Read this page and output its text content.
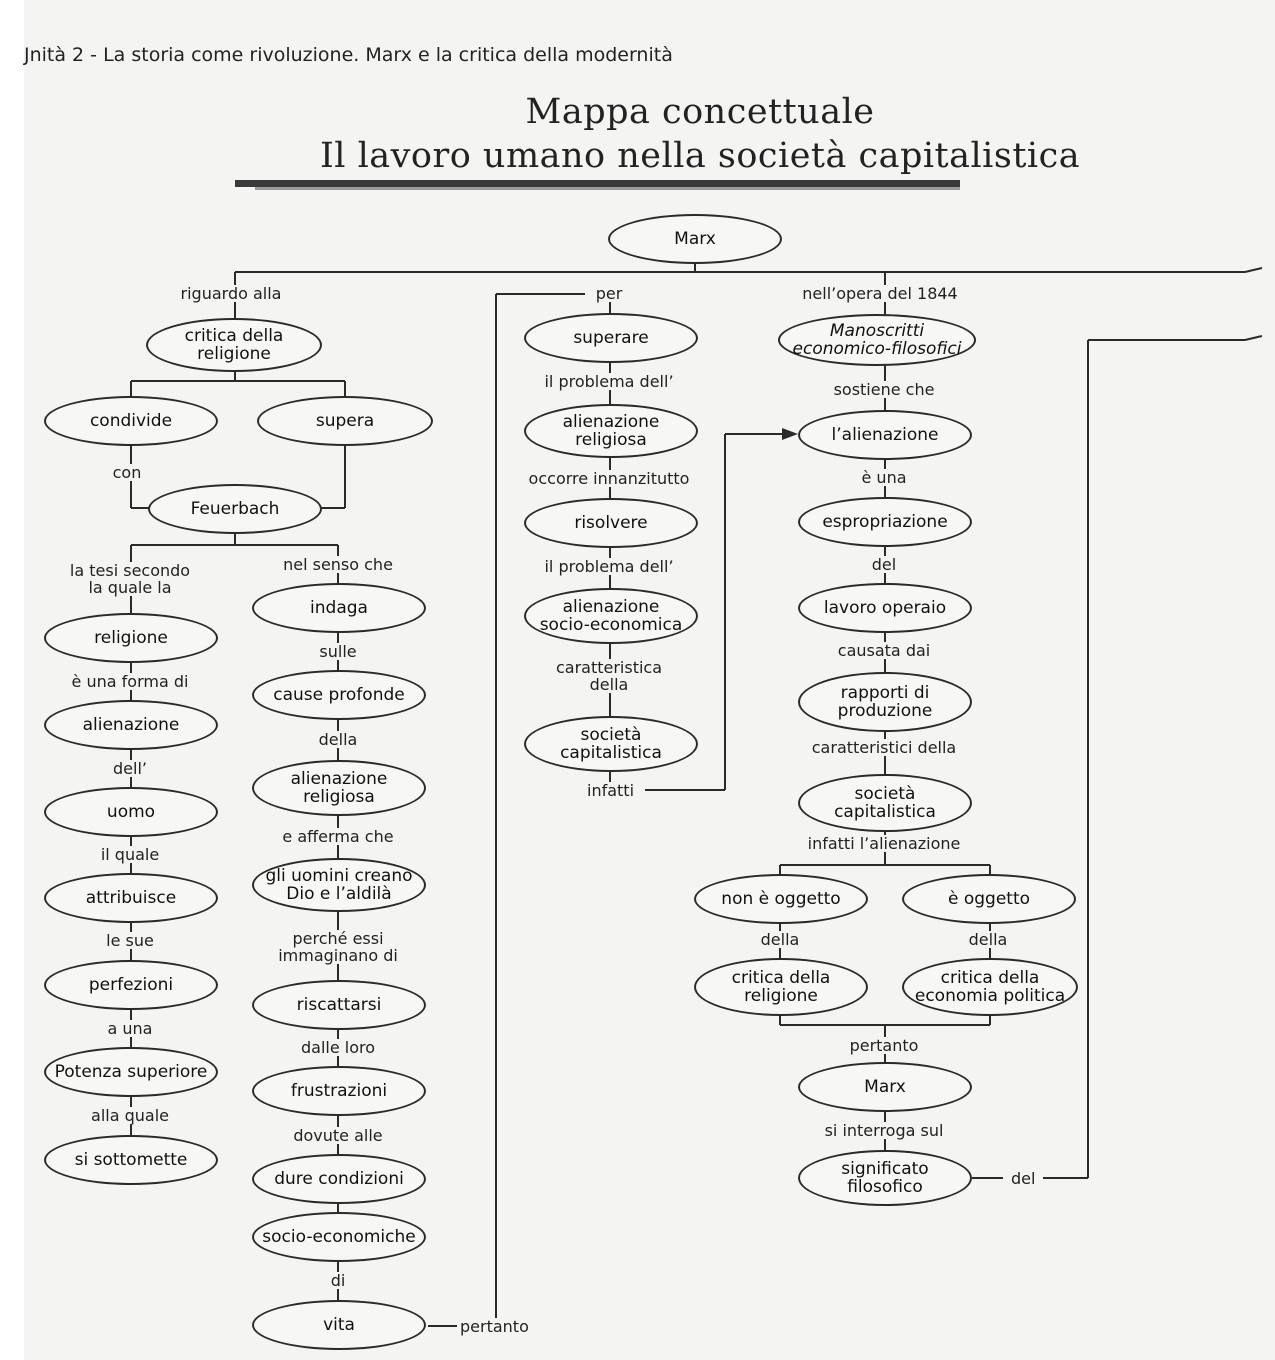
Jnità 2 - La storia come rivoluzione. Marx e la critica della modernità
Mappa concettuale
Il lavoro umano nella società capitalistica
Marx
critica della
religione
condivide	supera
Feuerbach
religione
alienazione
uomo
attribuisce
perfezioni
Potenza superiore
si sottomette
indaga
cause profonde
alienazione
religiosa
gli uomini creano
Dio e l’aldilà
riscattarsi
frustrazioni
dure condizioni
socio-economiche
vita
superare
alienazione
religiosa
risolvere
alienazione
socio-economica
società
capitalistica
Manoscritti
economico-filosofici
l’alienazione
espropriazione
lavoro operaio
rapporti di
produzione
società
capitalistica
non è oggetto	è oggetto
critica della
religione
critica della
economia politica
Marx
significato
filosofico
riguardo alla	per	nell’opera del 1844
con
la tesi secondo
la quale la
nel senso che
è una forma di
dell’
il quale
le sue
a una
alla quale
sulle
della
e afferma che
perché essi
immaginano di
dalle loro
dovute alle
di
pertanto
il problema dell’
occorre innanzitutto
il problema dell’
caratteristica
della
infatti
sostiene che
è una
del
causata dai
caratteristici della
infatti l’alienazione
della	della
pertanto
si interroga sul
del
